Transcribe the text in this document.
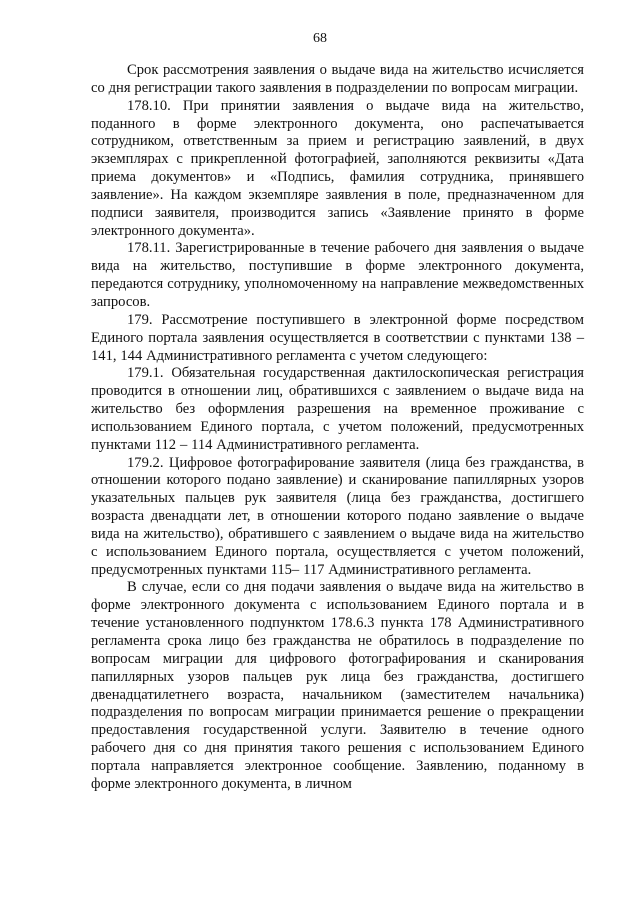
68

Срок рассмотрения заявления о выдаче вида на жительство исчисляется со дня регистрации такого заявления в подразделении по вопросам миграции.

178.10. При принятии заявления о выдаче вида на жительство, поданного в форме электронного документа, оно распечатывается сотрудником, ответственным за прием и регистрацию заявлений, в двух экземплярах с прикрепленной фотографией, заполняются реквизиты «Дата приема документов» и «Подпись, фамилия сотрудника, принявшего заявление». На каждом экземпляре заявления в поле, предназначенном для подписи заявителя, производится запись «Заявление принято в форме электронного документа».

178.11. Зарегистрированные в течение рабочего дня заявления о выдаче вида на жительство, поступившие в форме электронного документа, передаются сотруднику, уполномоченному на направление межведомственных запросов.

179. Рассмотрение поступившего в электронной форме посредством Единого портала заявления осуществляется в соответствии с пунктами 138 – 141, 144 Административного регламента с учетом следующего:

179.1. Обязательная государственная дактилоскопическая регистрация проводится в отношении лиц, обратившихся с заявлением о выдаче вида на жительство без оформления разрешения на временное проживание с использованием Единого портала, с учетом положений, предусмотренных пунктами 112 – 114 Административного регламента.

179.2. Цифровое фотографирование заявителя (лица без гражданства, в отношении которого подано заявление) и сканирование папиллярных узоров указательных пальцев рук заявителя (лица без гражданства, достигшего возраста двенадцати лет, в отношении которого подано заявление о выдаче вида на жительство), обратившего с заявлением о выдаче вида на жительство с использованием Единого портала, осуществляется с учетом положений, предусмотренных пунктами 115– 117 Административного регламента.

В случае, если со дня подачи заявления о выдаче вида на жительство в форме электронного документа с использованием Единого портала и в течение установленного подпунктом 178.6.3 пункта 178 Административного регламента срока лицо без гражданства не обратилось в подразделение по вопросам миграции для цифрового фотографирования и сканирования папиллярных узоров пальцев рук лица без гражданства, достигшего двенадцатилетнего возраста, начальником (заместителем начальника) подразделения по вопросам миграции принимается решение о прекращении предоставления государственной услуги. Заявителю в течение одного рабочего дня со дня принятия такого решения с использованием Единого портала направляется электронное сообщение. Заявлению, поданному в форме электронного документа, в личном
